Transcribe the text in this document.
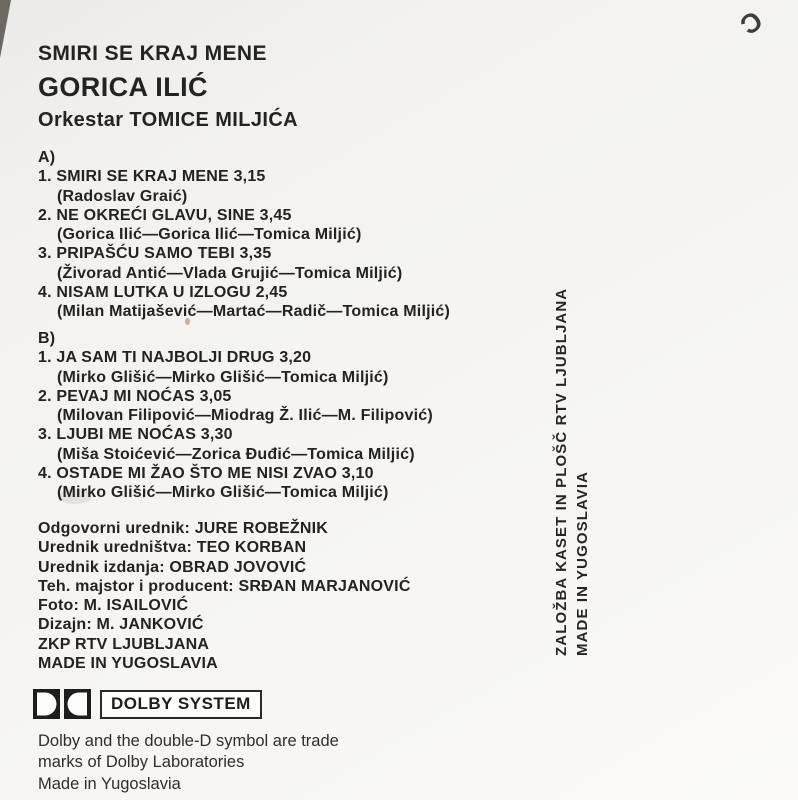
Ɔ
SMIRI SE KRAJ MENE
GORICA ILIĆ
Orkestar TOMICE MILJIĆA
A)
1. SMIRI SE KRAJ MENE 3,15
(Radoslav Graić)
2. NE OKREĆI GLAVU, SINE 3,45
(Gorica Ilić—Gorica Ilić—Tomica Miljić)
3. PRIPAŠĆU SAMO TEBI 3,35
(Živorad Antić—Vlada Grujić—Tomica Miljić)
4. NISAM LUTKA U IZLOGU 2,45
(Milan Matijašević—Martać—Radič—Tomica Miljić)
B)
1. JA SAM TI NAJBOLJI DRUG 3,20
(Mirko Glišić—Mirko Glišić—Tomica Miljić)
2. PEVAJ MI NOĆAS 3,05
(Milovan Filipović—Miodrag Ž. Ilić—M. Filipović)
3. LJUBI ME NOĆAS 3,30
(Miša Stoićević—Zorica Đuđić—Tomica Miljić)
4. OSTADE MI ŽAO ŠTO ME NISI ZVAO 3,10
(Mirko Glišić—Mirko Glišić—Tomica Miljić)
Odgovorni urednik: JURE ROBEŽNIK
Urednik uredništva: TEO KORBAN
Urednik izdanja: OBRAD JOVOVIĆ
Teh. majstor i producent: SRĐAN MARJANOVIĆ
Foto: M. ISAILOVIĆ
Dizajn: M. JANKOVIĆ
ZKP RTV LJUBLJANA
MADE IN YUGOSLAVIA
DOLBY SYSTEM
Dolby and the double-D symbol are trade
marks of Dolby Laboratories
Made in Yugoslavia
ZALOŽBA KASET IN PLOŠČ RTV LJUBLJANA MADE IN YUGOSLAVIA
